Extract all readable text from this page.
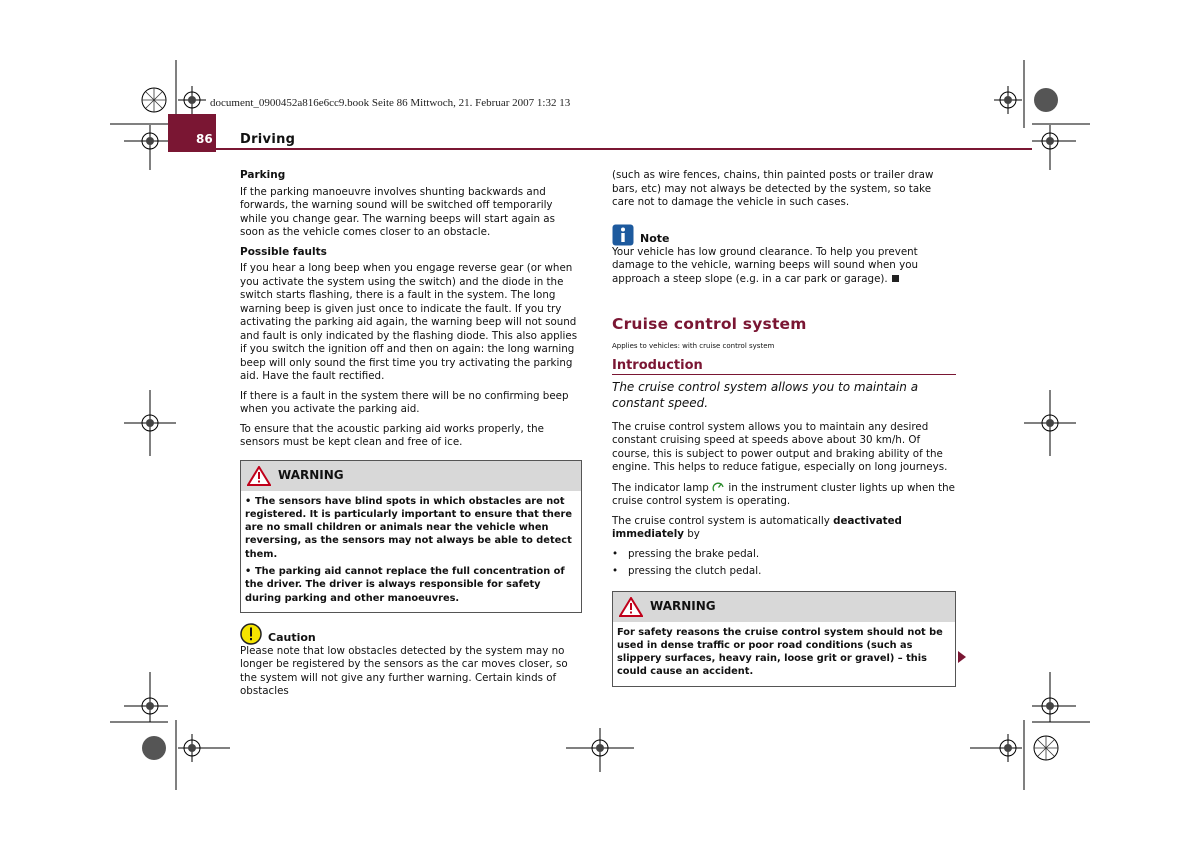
document_0900452a816e6cc9.book Seite 86 Mittwoch, 21. Februar 2007 1:32 13
86 Driving
Parking

If the parking manoeuvre involves shunting backwards and forwards, the warning sound will be switched off temporarily while you change gear. The warning beeps will start again as soon as the vehicle comes closer to an obstacle.

Possible faults

If you hear a long beep when you engage reverse gear (or when you activate the system using the switch) and the diode in the switch starts flashing, there is a fault in the system. The long warning beep is given just once to indicate the fault. If you try activating the parking aid again, the warning beep will not sound and fault is only indicated by the flashing diode. This also applies if you switch the ignition off and then on again: the long warning beep will only sound the first time you try activating the parking aid. Have the fault rectified.

If there is a fault in the system there will be no confirming beep when you activate the parking aid.

To ensure that the acoustic parking aid works properly, the sensors must be kept clean and free of ice.

WARNING

• The sensors have blind spots in which obstacles are not registered. It is particularly important to ensure that there are no small children or animals near the vehicle when reversing, as the sensors may not always be able to detect them.

• The parking aid cannot replace the full concentration of the driver. The driver is always responsible for safety during parking and other manoeuvres.

Caution

Please note that low obstacles detected by the system may no longer be registered by the sensors as the car moves closer, so the system will not give any further warning. Certain kinds of obstacles

(such as wire fences, chains, thin painted posts or trailer draw bars, etc) may not always be detected by the system, so take care not to damage the vehicle in such cases.

Note

Your vehicle has low ground clearance. To help you prevent damage to the vehicle, warning beeps will sound when you approach a steep slope (e.g. in a car park or garage).

Cruise control system
Applies to vehicles: with cruise control system
Introduction
The cruise control system allows you to maintain a constant speed.

The cruise control system allows you to maintain any desired constant cruising speed at speeds above about 30 km/h. Of course, this is subject to power output and braking ability of the engine. This helps to reduce fatigue, especially on long journeys.

The indicator lamp in the instrument cluster lights up when the cruise control system is operating.

The cruise control system is automatically deactivated immediately by

• pressing the brake pedal.
• pressing the clutch pedal.
WARNING

For safety reasons the cruise control system should not be used in dense traffic or poor road conditions (such as slippery surfaces, heavy rain, loose grit or gravel) – this could cause an accident.
